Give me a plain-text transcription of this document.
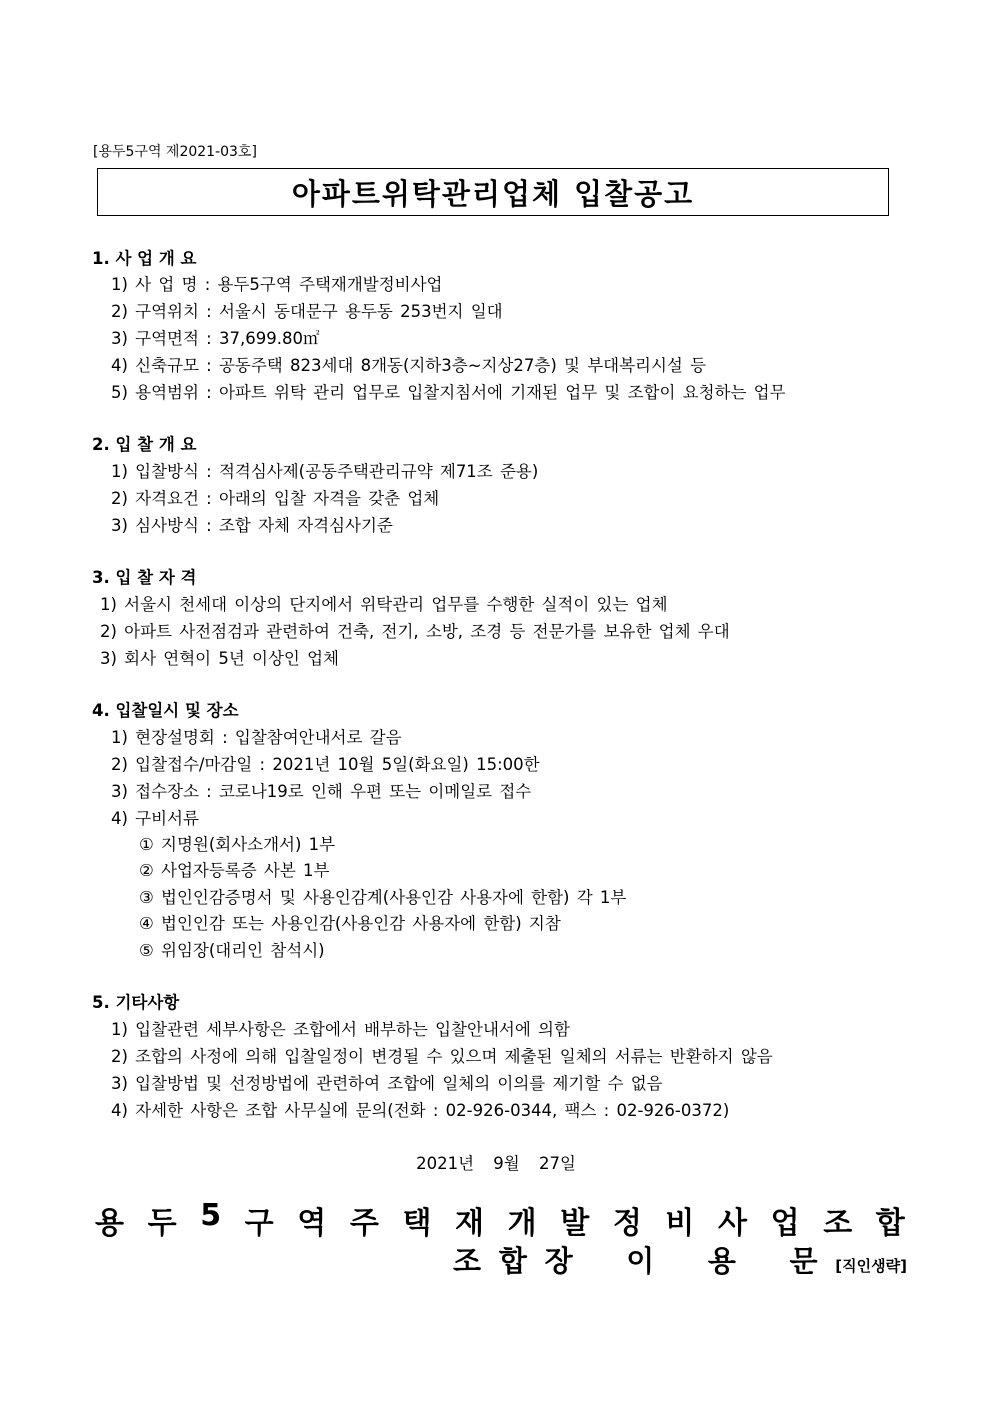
[용두5구역 제2021-03호]
아파트위탁관리업체 입찰공고
1. 사 업 개 요
1) 사 업 명 : 용두5구역 주택재개발정비사업
2) 구역위치 : 서울시 동대문구 용두동 253번지 일대
3) 구역면적 : 37,699.80㎡
4) 신축규모 : 공동주택 823세대 8개동(지하3층~지상27층) 및 부대복리시설 등
5) 용역범위 : 아파트 위탁 관리 업무로 입찰지침서에 기재된 업무 및 조합이 요청하는 업무
2. 입 찰 개 요
1) 입찰방식 : 적격심사제(공동주택관리규약 제71조 준용)
2) 자격요건 : 아래의 입찰 자격을 갖춘 업체
3) 심사방식 : 조합 자체 자격심사기준
3. 입 찰 자 격
1) 서울시 천세대 이상의 단지에서 위탁관리 업무를 수행한 실적이 있는 업체
2) 아파트 사전점검과 관련하여 건축, 전기, 소방, 조경 등 전문가를 보유한 업체 우대
3) 회사 연혁이 5년 이상인 업체
4. 입찰일시 및 장소
1) 현장설명회 : 입찰참여안내서로 갈음
2) 입찰접수/마감일 : 2021년 10월 5일(화요일) 15:00한
3) 접수장소 : 코로나19로 인해 우편 또는 이메일로 접수
4) 구비서류
① 지명원(회사소개서) 1부
② 사업자등록증 사본 1부
③ 법인인감증명서 및 사용인감계(사용인감 사용자에 한함) 각 1부
④ 법인인감 또는 사용인감(사용인감 사용자에 한함) 지참
⑤ 위임장(대리인 참석시)
5. 기타사항
1) 입찰관련 세부사항은 조합에서 배부하는 입찰안내서에 의함
2) 조합의 사정에 의해 입찰일정이 변경될 수 있으며 제출된 일체의 서류는 반환하지 않음
3) 입찰방법 및 선정방법에 관련하여 조합에 일체의 이의를 제기할 수 없음
4) 자세한 사항은 조합 사무실에 문의(전화 : 02-926-0344, 팩스 : 02-926-0372)
2021년 9월 27일
용 두 5 구 역 주 택 재 개 발 정 비 사 업 조 합
조 합 장 이 용 문 [직인생략]
